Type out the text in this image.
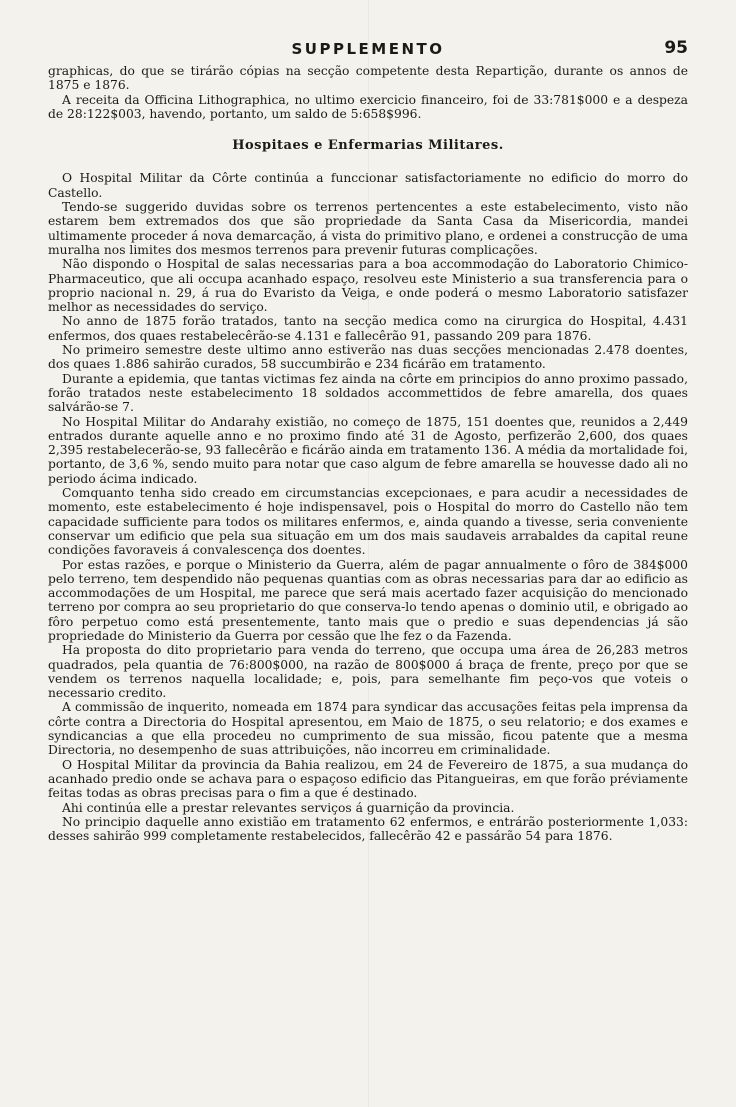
SUPPLEMENTO	95

graphicas, do que se tirárão cópias na secção competente desta Repartição, durante os annos de 1875 e 1876.

A receita da Officina Lithographica, no ultimo exercicio financeiro, foi de 33:781$000 e a despeza de 28:122$003, havendo, portanto, um saldo de 5:658$996.

Hospitaes e Enfermarias Militares.

O Hospital Militar da Côrte continúa a funccionar satisfactoriamente no edificio do morro do Castello.

Tendo-se suggerido duvidas sobre os terrenos pertencentes a este estabelecimento, visto não estarem bem extremados dos que são propriedade da Santa Casa da Misericordia, mandei ultimamente proceder á nova demarcação, á vista do primitivo plano, e ordenei a construcção de uma muralha nos limites dos mesmos terrenos para prevenir futuras complicações.

Não dispondo o Hospital de salas necessarias para a boa accommodação do Laboratorio Chimico-Pharmaceutico, que ali occupa acanhado espaço, resolveu este Ministerio a sua transferencia para o proprio nacional n. 29, á rua do Evaristo da Veiga, e onde poderá o mesmo Laboratorio satisfazer melhor as necessidades do serviço.

No anno de 1875 forão tratados, tanto na secção medica como na cirurgica do Hospital, 4.431 enfermos, dos quaes restabelecêrão-se 4.131 e fallecêrão 91, passando 209 para 1876.

No primeiro semestre deste ultimo anno estiverão nas duas secções mencionadas 2.478 doentes, dos quaes 1.886 sahirão curados, 58 succumbirão e 234 ficárão em tratamento.

Durante a epidemia, que tantas victimas fez ainda na côrte em principios do anno proximo passado, forão tratados neste estabelecimento 18 soldados accommettidos de febre amarella, dos quaes salvárão-se 7.

No Hospital Militar do Andarahy existião, no começo de 1875, 151 doentes que, reunidos a 2,449 entrados durante aquelle anno e no proximo findo até 31 de Agosto, perfizerão 2,600, dos quaes 2,395 restabelecerão-se, 93 fallecêrão e ficárão ainda em tratamento 136. A média da mortalidade foi, portanto, de 3,6 %, sendo muito para notar que caso algum de febre amarella se houvesse dado ali no periodo ácima indicado.

Comquanto tenha sido creado em circumstancias excepcionaes, e para acudir a necessidades de momento, este estabelecimento é hoje indispensavel, pois o Hospital do morro do Castello não tem capacidade sufficiente para todos os militares enfermos, e, ainda quando a tivesse, seria conveniente conservar um edificio que pela sua situação em um dos mais saudaveis arrabaldes da capital reune condições favoraveis á convalescença dos doentes.

Por estas razões, e porque o Ministerio da Guerra, além de pagar annualmente o fôro de 384$000 pelo terreno, tem despendido não pequenas quantias com as obras necessarias para dar ao edificio as accommodações de um Hospital, me parece que será mais acertado fazer acquisição do mencionado terreno por compra ao seu proprietario do que conserva-lo tendo apenas o dominio util, e obrigado ao fôro perpetuo como está presentemente, tanto mais que o predio e suas dependencias já são propriedade do Ministerio da Guerra por cessão que lhe fez o da Fazenda.

Ha proposta do dito proprietario para venda do terreno, que occupa uma área de 26,283 metros quadrados, pela quantia de 76:800$000, na razão de 800$000 á braça de frente, preço por que se vendem os terrenos naquella localidade; e, pois, para semelhante fim peço-vos que voteis o necessario credito.

A commissão de inquerito, nomeada em 1874 para syndicar das accusações feitas pela imprensa da côrte contra a Directoria do Hospital apresentou, em Maio de 1875, o seu relatorio; e dos exames e syndicancias a que ella procedeu no cumprimento de sua missão, ficou patente que a mesma Directoria, no desempenho de suas attribuições, não incorreu em criminalidade.

O Hospital Militar da provincia da Bahia realizou, em 24 de Fevereiro de 1875, a sua mudança do acanhado predio onde se achava para o espaçoso edificio das Pitangueiras, em que forão préviamente feitas todas as obras precisas para o fim a que é destinado.

Ahi continúa elle a prestar relevantes serviços á guarnição da provincia.

No principio daquelle anno existião em tratamento 62 enfermos, e entrárão posteriormente 1,033: desses sahirão 999 completamente restabelecidos, fallecêrão 42 e passárão 54 para 1876.
